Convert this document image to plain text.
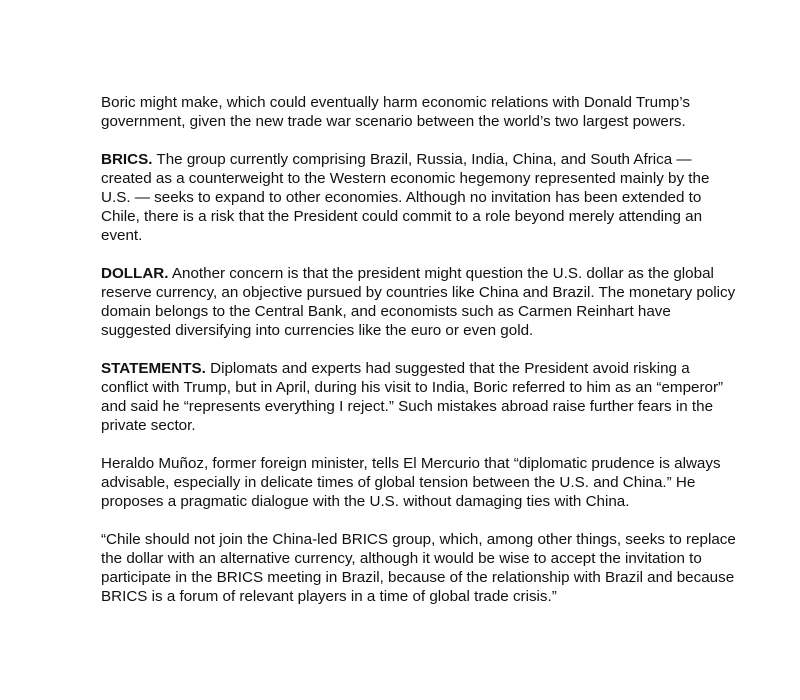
Boric might make, which could eventually harm economic relations with Donald Trump’s government, given the new trade war scenario between the world’s two largest powers.

BRICS. The group currently comprising Brazil, Russia, India, China, and South Africa — created as a counterweight to the Western economic hegemony represented mainly by the U.S. — seeks to expand to other economies. Although no invitation has been extended to Chile, there is a risk that the President could commit to a role beyond merely attending an event.

DOLLAR. Another concern is that the president might question the U.S. dollar as the global reserve currency, an objective pursued by countries like China and Brazil. The monetary policy domain belongs to the Central Bank, and economists such as Carmen Reinhart have suggested diversifying into currencies like the euro or even gold.

STATEMENTS. Diplomats and experts had suggested that the President avoid risking a conflict with Trump, but in April, during his visit to India, Boric referred to him as an “emperor” and said he “represents everything I reject.” Such mistakes abroad raise further fears in the private sector.

Heraldo Muñoz, former foreign minister, tells El Mercurio that “diplomatic prudence is always advisable, especially in delicate times of global tension between the U.S. and China.” He proposes a pragmatic dialogue with the U.S. without damaging ties with China.

“Chile should not join the China-led BRICS group, which, among other things, seeks to replace the dollar with an alternative currency, although it would be wise to accept the invitation to participate in the BRICS meeting in Brazil, because of the relationship with Brazil and because BRICS is a forum of relevant players in a time of global trade crisis.”
